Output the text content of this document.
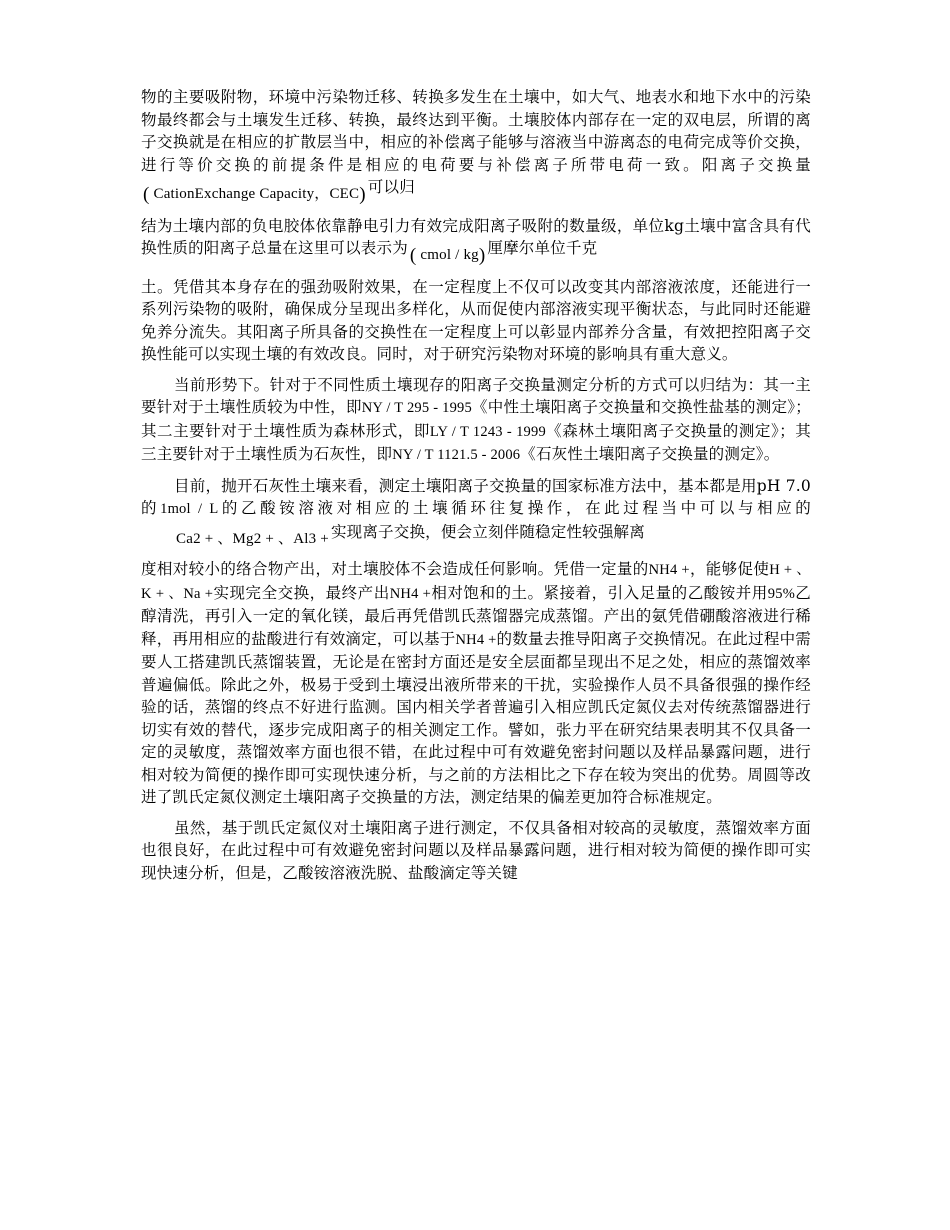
物的主要吸附物，环境中污染物迁移、转换多发生在土壤中，如大气、地表水和地下水中的污染物最终都会与土壤发生迁移、转换，最终达到平衡。土壤胶体内部存在一定的双电层，所谓的离子交换就是在相应的扩散层当中，相应的补偿离子能够与溶液当中游离态的电荷完成等价交换，进行等价交换的前提条件是相应的电荷要与补偿离子所带电荷一致。阳离子交换量( CationExchange Capacity，CEC) 可以归

结为土壤内部的负电胶体依靠静电引力有效完成阳离子吸附的数量级，单位kg土壤中富含具有代换性质的阳离子总量在这里可以表示为 ( cmol / kg) 厘摩尔单位千克

土。凭借其本身存在的强劲吸附效果，在一定程度上不仅可以改变其内部溶液浓度，还能进行一系列污染物的吸附，确保成分呈现出多样化，从而促使内部溶液实现平衡状态，与此同时还能避免养分流失。其阳离子所具备的交换性在一定程度上可以彰显内部养分含量，有效把控阳离子交换性能可以实现土壤的有效改良。同时，对于研究污染物对环境的影响具有重大意义。

当前形势下。针对于不同性质土壤现存的阳离子交换量测定分析的方式可以归结为：其一主要针对于土壤性质较为中性，即NY / T 295 - 1995《中性土壤阳离子交换量和交换性盐基的测定》；其二主要针对于土壤性质为森林形式，即LY / T 1243 - 1999《森林土壤阳离子交换量的测定》；其三主要针对于土壤性质为石灰性，即NY / T 1121.5 - 2006《石灰性土壤阳离子交换量的测定》。

目前，抛开石灰性土壤来看，测定土壤阳离子交换量的国家标准方法中，基本都是用pH 7.0的1mol / L的乙酸铵溶液对相应的土壤循环往复操作，在此过程当中可以与相应的Ca2 + 、Mg2 + 、Al3 + 实现离子交换，便会立刻伴随稳定性较强解离

度相对较小的络合物产出，对土壤胶体不会造成任何影响。凭借一定量的NH4 +，能够促使H + 、K + 、Na +实现完全交换，最终产出NH4 +相对饱和的土。紧接着，引入足量的乙酸铵并用95%乙醇清洗，再引入一定的氧化镁，最后再凭借凯氏蒸馏器完成蒸馏。产出的氨凭借硼酸溶液进行稀释，再用相应的盐酸进行有效滴定，可以基于NH4 +的数量去推导阳离子交换情况。在此过程中需要人工搭建凯氏蒸馏装置，无论是在密封方面还是安全层面都呈现出不足之处，相应的蒸馏效率普遍偏低。除此之外，极易于受到土壤浸出液所带来的干扰，实验操作人员不具备很强的操作经验的话，蒸馏的终点不好进行监测。国内相关学者普遍引入相应凯氏定氮仪去对传统蒸馏器进行切实有效的替代，逐步完成阳离子的相关测定工作。譬如，张力平在研究结果表明其不仅具备一定的灵敏度，蒸馏效率方面也很不错，在此过程中可有效避免密封问题以及样品暴露问题，进行相对较为简便的操作即可实现快速分析，与之前的方法相比之下存在较为突出的优势。周圆等改进了凯氏定氮仪测定土壤阳离子交换量的方法，测定结果的偏差更加符合标准规定。

虽然，基于凯氏定氮仪对土壤阳离子进行测定，不仅具备相对较高的灵敏度，蒸馏效率方面也很良好，在此过程中可有效避免密封问题以及样品暴露问题，进行相对较为简便的操作即可实现快速分析，但是，乙酸铵溶液洗脱、盐酸滴定等关键
